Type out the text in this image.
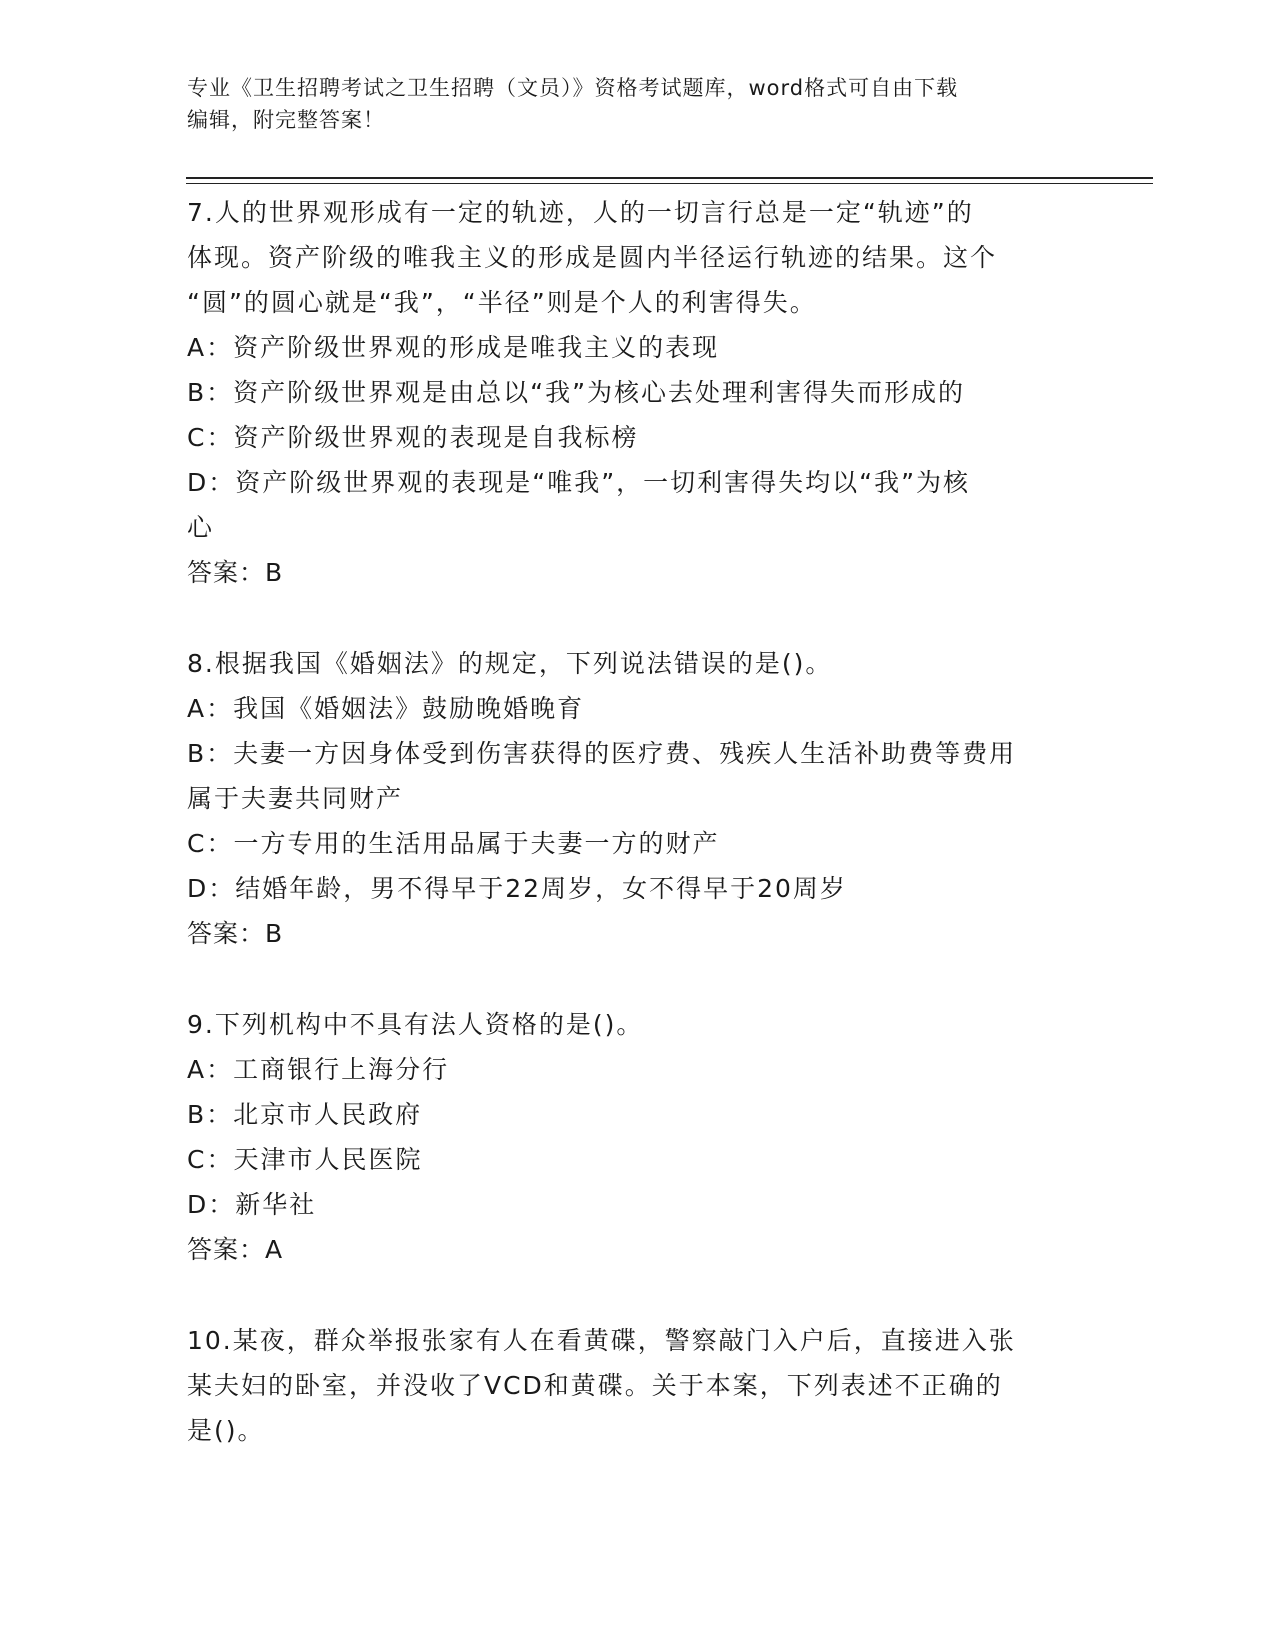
专业《卫生招聘考试之卫生招聘（文员）》资格考试题库，word格式可自由下载
编辑，附完整答案！
7.人的世界观形成有一定的轨迹，人的一切言行总是一定“轨迹”的
体现。资产阶级的唯我主义的形成是圆内半径运行轨迹的结果。这个
“圆”的圆心就是“我”，“半径”则是个人的利害得失。
A：资产阶级世界观的形成是唯我主义的表现
B：资产阶级世界观是由总以“我”为核心去处理利害得失而形成的
C：资产阶级世界观的表现是自我标榜
D：资产阶级世界观的表现是“唯我”，一切利害得失均以“我”为核
心
答案：B
8.根据我国《婚姻法》的规定，下列说法错误的是()。
A：我国《婚姻法》鼓励晚婚晚育
B：夫妻一方因身体受到伤害获得的医疗费、残疾人生活补助费等费用
属于夫妻共同财产
C：一方专用的生活用品属于夫妻一方的财产
D：结婚年龄，男不得早于22周岁，女不得早于20周岁
答案：B
9.下列机构中不具有法人资格的是()。
A：工商银行上海分行
B：北京市人民政府
C：天津市人民医院
D：新华社
答案：A
10.某夜，群众举报张家有人在看黄碟，警察敲门入户后，直接进入张
某夫妇的卧室，并没收了VCD和黄碟。关于本案，下列表述不正确的
是()。
